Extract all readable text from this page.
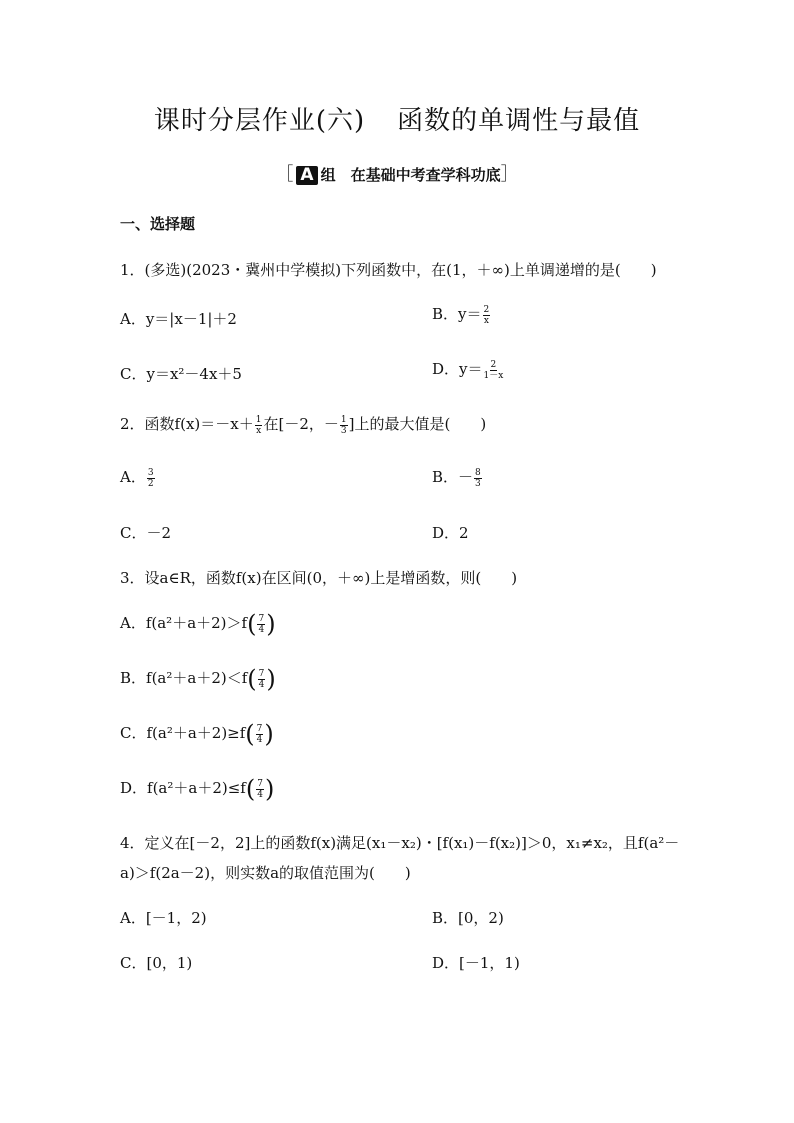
课时分层作业(六) 函数的单调性与最值
［ A 组　在基础中考查学科功底］
一、选择题
1．(多选)(2023・冀州中学模拟)下列函数中，在(1，＋∞)上单调递增的是(　　)
A．y＝|x－1|＋2	B．$y= \frac{2}{x}$
C．y＝x²－4x＋5	D．$y= \frac{2}{1-x}$
2．函数$f(x)=-x+ \frac{1}{x}$ 在[－2，－ $\frac{1}{3}$ ]上的最大值是(　　)
A． $\frac{3}{2}$	B．－ $\frac{8}{3}$
C．－2	D．2
3．设a∈R，函数f(x)在区间(0，＋∞)上是增函数，则(　　)
A．$f(a^2+a+2)>f( \frac{7}{4}$ )
B．$f(a^2+a+2)<f( \frac{7}{4}$ )
C．$f(a^2+a+2)\ge f( \frac{7}{4}$ )
D．$f(a^2+a+2)\le f( \frac{7}{4}$ )
4．定义在[－2，2]上的函数f(x)满足(x₁－x₂)・[f(x₁)－f(x₂)]＞0，x₁≠x₂，且f(a²－
a)＞f(2a－2)，则实数a的取值范围为(　　)
A．[－1，2)	B．[0，2)
C．[0，1)	D．[－1，1)
